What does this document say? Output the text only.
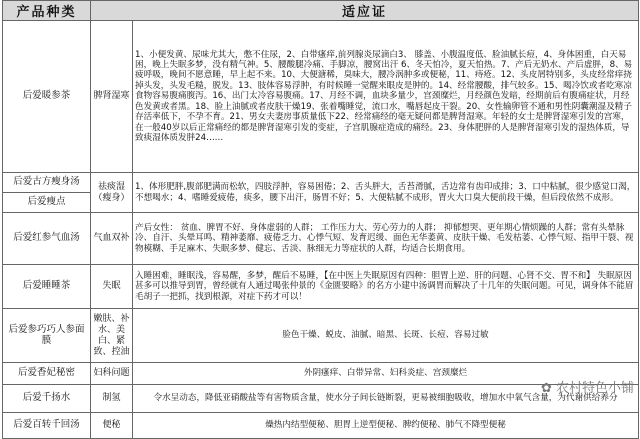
产品种类	适应证	
后爱暖参茶	脾肾湿寒	1、小便发黄、尿味尤其大，憋不住尿，2、白带瘙痒,前列腺炎尿滴白3、 膝盖、小腹温度低、脸油腻长痘，4、身体困重，白天易困，晚上失眠多梦，没有精气神。5、腰酸腿冷痛、手脚凉，腰窝出汗 6、冬天怕冷，夏天怕热。7、产后无奶水、产后虚胖，8、易疲呼吸，晚间不愿意睡，早上起不来。10、大便溏稀，臭味大，腰冷涡肿多或便秘，11、痔疮。12、头皮屑特别多，头皮经常痒挠掉头发，头发毛糙，脱发。13、肢体容易浮肿，有时候睡一觉醒来眼皮是肿的。14、经常腰酸，排气较多。15、喝冷饮或者吃寒凉食物容易腹痛腹泻。16、出门太冷容易腹痛。17、月经不调，血块多量少，宫颈糜烂，月经颜色发暗，经期前后有腹痛症状，月经色发黄或者黑。18、脸上油腻或者皮肤干燥19、张着嘴睡觉，流口水，嘴唇起皮干裂。20、女性输卵管不通和男性阴囊潮湿及精子存活率低下，不孕不育。21、男女夫妻房事质量低下22、经常痛经的毫无疑问都是脾肾湿寒。年轻的女士是脾肾湿寒引发的宫寒，在一般40岁以后正常痛经的都是脾肾湿寒引发的变症，子宫肌腺症造成的痛经。23、身体肥胖的人是脾肾湿寒引发的湿热体质，导致痰湿体质发胖24……
后爱古方瘦身汤	祛痰湿（瘦身）	1、体形肥胖,腹部肥满而松软，四肢浮肿，容易困倦；2、舌头胖大，舌苔滑腻，舌边常有齿印成排；3、口中粘腻，很少感觉口渴，不想喝水；4、嗜睡爱疲倦，痰多，腰下出汗，肠胃不好；5、大便粘腻不成形，胃火大口臭大便前段干燥，但后段依然不成形。
后爱瘦点		
后爱红参气血汤	气血双补	产后女性： 贫血、脾胃不好、身体虚弱的人群； 工作压力大、劳心劳力的人群； 抑郁想哭、更年期心情烦躁的人群；常有头晕脉冷、自汗、头晕耳鸣、精神萎靡、疲倦乏力、心悸气短、发育迟缓、面色无华萎黄、皮肤干燥、毛发枯萎、心悸气短、指甲干裂、视物模糊、手足麻木、失眠多梦、健忘、舌淡、脉细无力等症状的人群，均适合长期食用。
后爱睡睡茶	失眠	入睡困难，睡眠浅，容易醒，多梦，醒后不易睡，【在中医上失眠原因有四种：胆胃上逆、肝的问题、心肾不交、胃不和】 失眠原因甚多可以推导到胃，曾经就有人通过喝张仲景的《金匮要略》的名方小建中汤调胃而解决了十几年的失眠问题。可见，调身体不能眉毛胡子一把抓，找到根源，对症下药才可以！
后爱参巧巧人参面膜	嫩肤、补水、美白、紧致、控油	脸色干燥、蜕皮、油腻、暗黑、长斑、长痘、容易过敏
后爱香妃秘密	妇科问题	外阴瘙痒、白带异常、妇科炎症、宫颈糜烂
后爱千扬水	制氢	令水呈动态，降低亚硝酸盐等有害物质含量，使水分子间长链断裂，更易被细胞吸收，增加水中氧气含量，为代谢供给养分
后爱百转千回汤	便秘	燥热内结型便秘、胆胃上逆型便秘、脾约便秘、肺气不降型便秘
✿ 农村特色小铺
